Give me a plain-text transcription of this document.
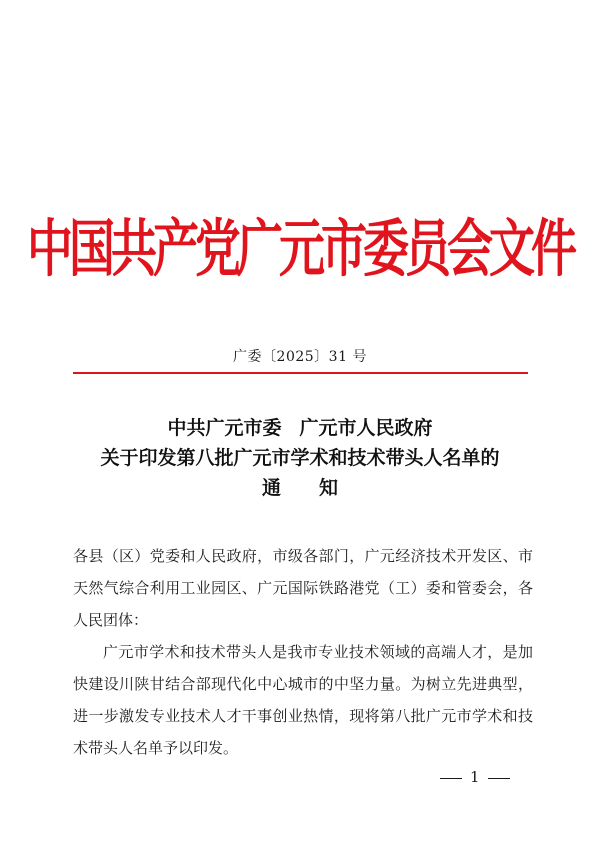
中国共产党广元市委员会文件
广委〔2025〕31 号
中共广元市委 广元市人民政府
关于印发第八批广元市学术和技术带头人名单的
通知

各县（区）党委和人民政府，市级各部门，广元经济技术开发区、市天然气综合利用工业园区、广元国际铁路港党（工）委和管委会，各人民团体：

广元市学术和技术带头人是我市专业技术领域的高端人才，是加快建设川陕甘结合部现代化中心城市的中坚力量。为树立先进典型，进一步激发专业技术人才干事创业热情，现将第八批广元市学术和技术带头人名单予以印发。

1
